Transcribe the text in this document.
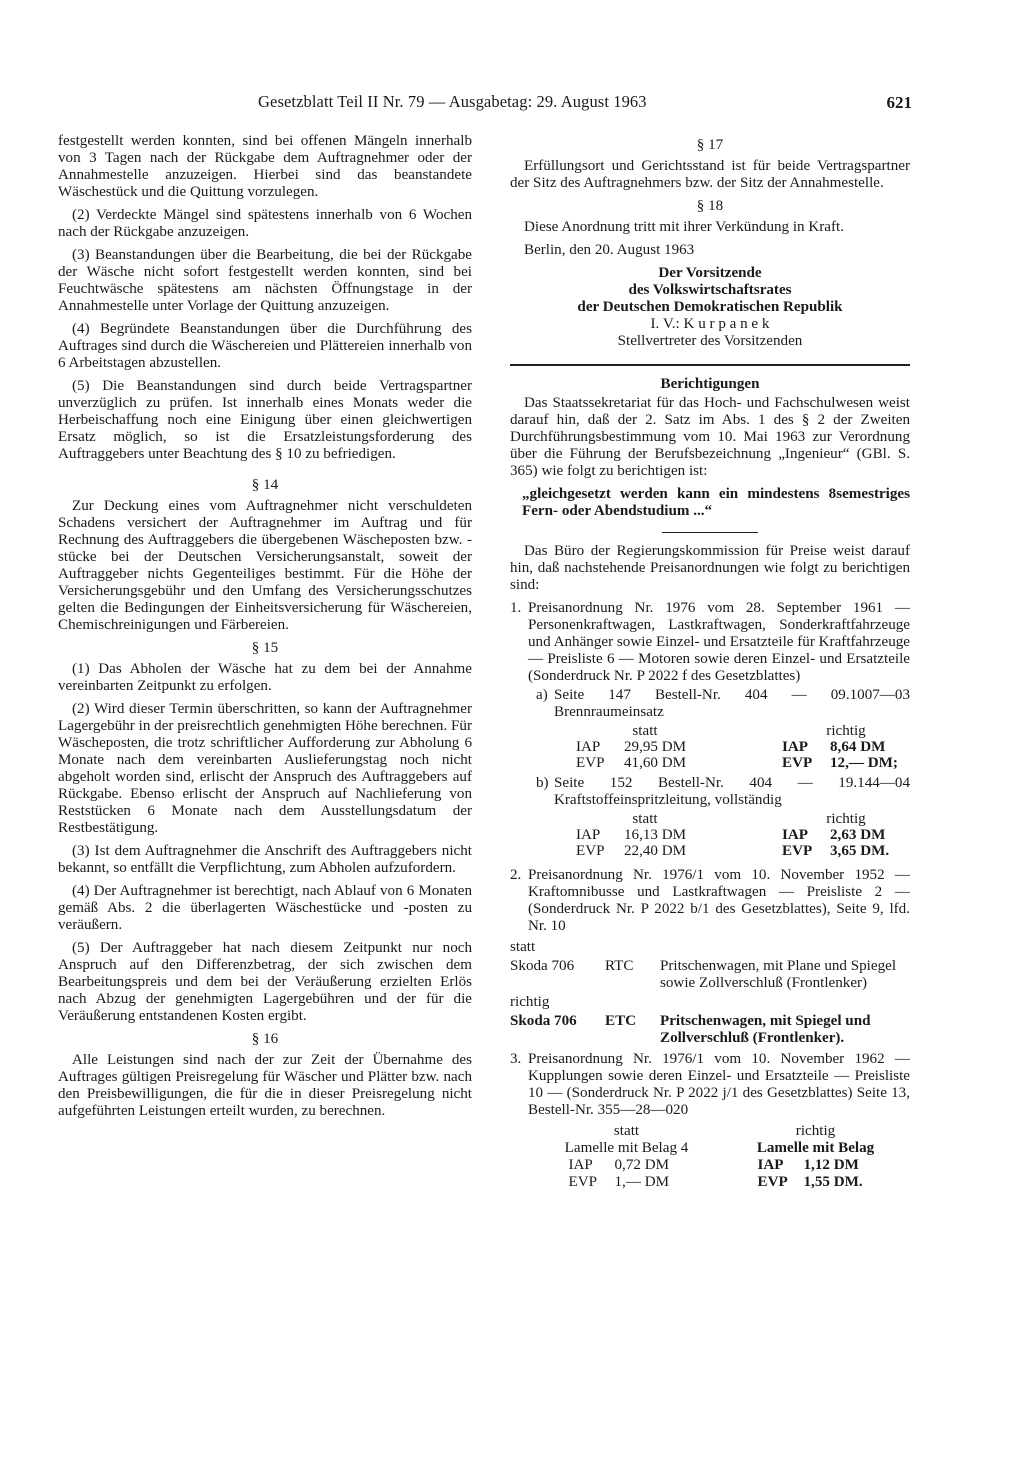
Gesetzblatt Teil II Nr. 79 — Ausgabetag: 29. August 1963	621

festgestellt werden konnten, sind bei offenen Mängeln innerhalb von 3 Tagen nach der Rückgabe dem Auftragnehmer oder der Annahmestelle anzuzeigen. Hierbei sind das beanstandete Wäschestück und die Quittung vorzulegen.

(2) Verdeckte Mängel sind spätestens innerhalb von 6 Wochen nach der Rückgabe anzuzeigen.

(3) Beanstandungen über die Bearbeitung, die bei der Rückgabe der Wäsche nicht sofort festgestellt werden konnten, sind bei Feuchtwäsche spätestens am nächsten Öffnungstage in der Annahmestelle unter Vorlage der Quittung anzuzeigen.

(4) Begründete Beanstandungen über die Durchführung des Auftrages sind durch die Wäschereien und Plättereien innerhalb von 6 Arbeitstagen abzustellen.

(5) Die Beanstandungen sind durch beide Vertragspartner unverzüglich zu prüfen. Ist innerhalb eines Monats weder die Herbeischaffung noch eine Einigung über einen gleichwertigen Ersatz möglich, so ist die Ersatzleistungsforderung des Auftraggebers unter Beachtung des § 10 zu befriedigen.

§ 14

Zur Deckung eines vom Auftragnehmer nicht verschuldeten Schadens versichert der Auftragnehmer im Auftrag und für Rechnung des Auftraggebers die übergebenen Wäscheposten bzw. -stücke bei der Deutschen Versicherungsanstalt, soweit der Auftraggeber nichts Gegenteiliges bestimmt. Für die Höhe der Versicherungsgebühr und den Umfang des Versicherungsschutzes gelten die Bedingungen der Einheitsversicherung für Wäschereien, Chemischreinigungen und Färbereien.

§ 15

(1) Das Abholen der Wäsche hat zu dem bei der Annahme vereinbarten Zeitpunkt zu erfolgen.

(2) Wird dieser Termin überschritten, so kann der Auftragnehmer Lagergebühr in der preisrechtlich genehmigten Höhe berechnen. Für Wäscheposten, die trotz schriftlicher Aufforderung zur Abholung 6 Monate nach dem vereinbarten Auslieferungstag noch nicht abgeholt worden sind, erlischt der Anspruch des Auftraggebers auf Rückgabe. Ebenso erlischt der Anspruch auf Nachlieferung von Reststücken 6 Monate nach dem Ausstellungsdatum der Restbestätigung.

(3) Ist dem Auftragnehmer die Anschrift des Auftraggebers nicht bekannt, so entfällt die Verpflichtung, zum Abholen aufzufordern.

(4) Der Auftragnehmer ist berechtigt, nach Ablauf von 6 Monaten gemäß Abs. 2 die überlagerten Wäschestücke und -posten zu veräußern.

(5) Der Auftraggeber hat nach diesem Zeitpunkt nur noch Anspruch auf den Differenzbetrag, der sich zwischen dem Bearbeitungspreis und dem bei der Veräußerung erzielten Erlös nach Abzug der genehmigten Lagergebühren und der für die Veräußerung entstandenen Kosten ergibt.

§ 16

Alle Leistungen sind nach der zur Zeit der Übernahme des Auftrages gültigen Preisregelung für Wäscher und Plätter bzw. nach den Preisbewilligungen, die für die in dieser Preisregelung nicht aufgeführten Leistungen erteilt wurden, zu berechnen.

§ 17

Erfüllungsort und Gerichtsstand ist für beide Vertragspartner der Sitz des Auftragnehmers bzw. der Sitz der Annahmestelle.

§ 18

Diese Anordnung tritt mit ihrer Verkündung in Kraft.

Berlin, den 20. August 1963

Der Vorsitzende
des Volkswirtschaftsrates
der Deutschen Demokratischen Republik
I. V.: K u r p a n e k
Stellvertreter des Vorsitzenden
Berichtigungen

Das Staatssekretariat für das Hoch- und Fachschulwesen weist darauf hin, daß der 2. Satz im Abs. 1 des § 2 der Zweiten Durchführungsbestimmung vom 10. Mai 1963 zur Verordnung über die Führung der Berufsbezeichnung „Ingenieur“ (GBl. S. 365) wie folgt zu berichtigen ist:

„gleichgesetzt werden kann ein mindestens 8semestriges Fern- oder Abendstudium ...“

Das Büro der Regierungskommission für Preise weist darauf hin, daß nachstehende Preisanordnungen wie folgt zu berichtigen sind:

1. Preisanordnung Nr. 1976 vom 28. September 1961 — Personenkraftwagen, Lastkraftwagen, Sonderkraftfahrzeuge und Anhänger sowie Einzel- und Ersatzteile für Kraftfahrzeuge — Preisliste 6 — Motoren sowie deren Einzel- und Ersatzteile (Sonderdruck Nr. P 2022 f des Gesetzblattes)
a) Seite 147 Bestell-Nr. 404 — 09.1007—03 Brennraumeinsatz
statt	richtig
IAP	29,95 DM	IAP	8,64 DM
EVP	41,60 DM	EVP	12,— DM;
b) Seite 152 Bestell-Nr. 404 — 19.144—04 Kraftstoffeinspritzleitung, vollständig
statt	richtig
IAP	16,13 DM	IAP	2,63 DM
EVP	22,40 DM	EVP	3,65 DM.
2. Preisanordnung Nr. 1976/1 vom 10. November 1952 — Kraftomnibusse und Lastkraftwagen — Preisliste 2 — (Sonderdruck Nr. P 2022 b/1 des Gesetzblattes), Seite 9, lfd. Nr. 10
statt
Skoda 706	RTC	Pritschenwagen, mit Plane und Spiegel sowie Zollverschluß (Frontlenker)
richtig
Skoda 706	ETC	Pritschenwagen, mit Spiegel und Zollverschluß (Frontlenker).
3. Preisanordnung Nr. 1976/1 vom 10. November 1962 — Kupplungen sowie deren Einzel- und Ersatzteile — Preisliste 10 — (Sonderdruck Nr. P 2022 j/1 des Gesetzblattes) Seite 13, Bestell-Nr. 355—28—020
statt
Lamelle mit Belag 4
IAP	0,72 DM
EVP	1,— DM
richtig
Lamelle mit Belag
IAP	1,12 DM
EVP	1,55 DM.
